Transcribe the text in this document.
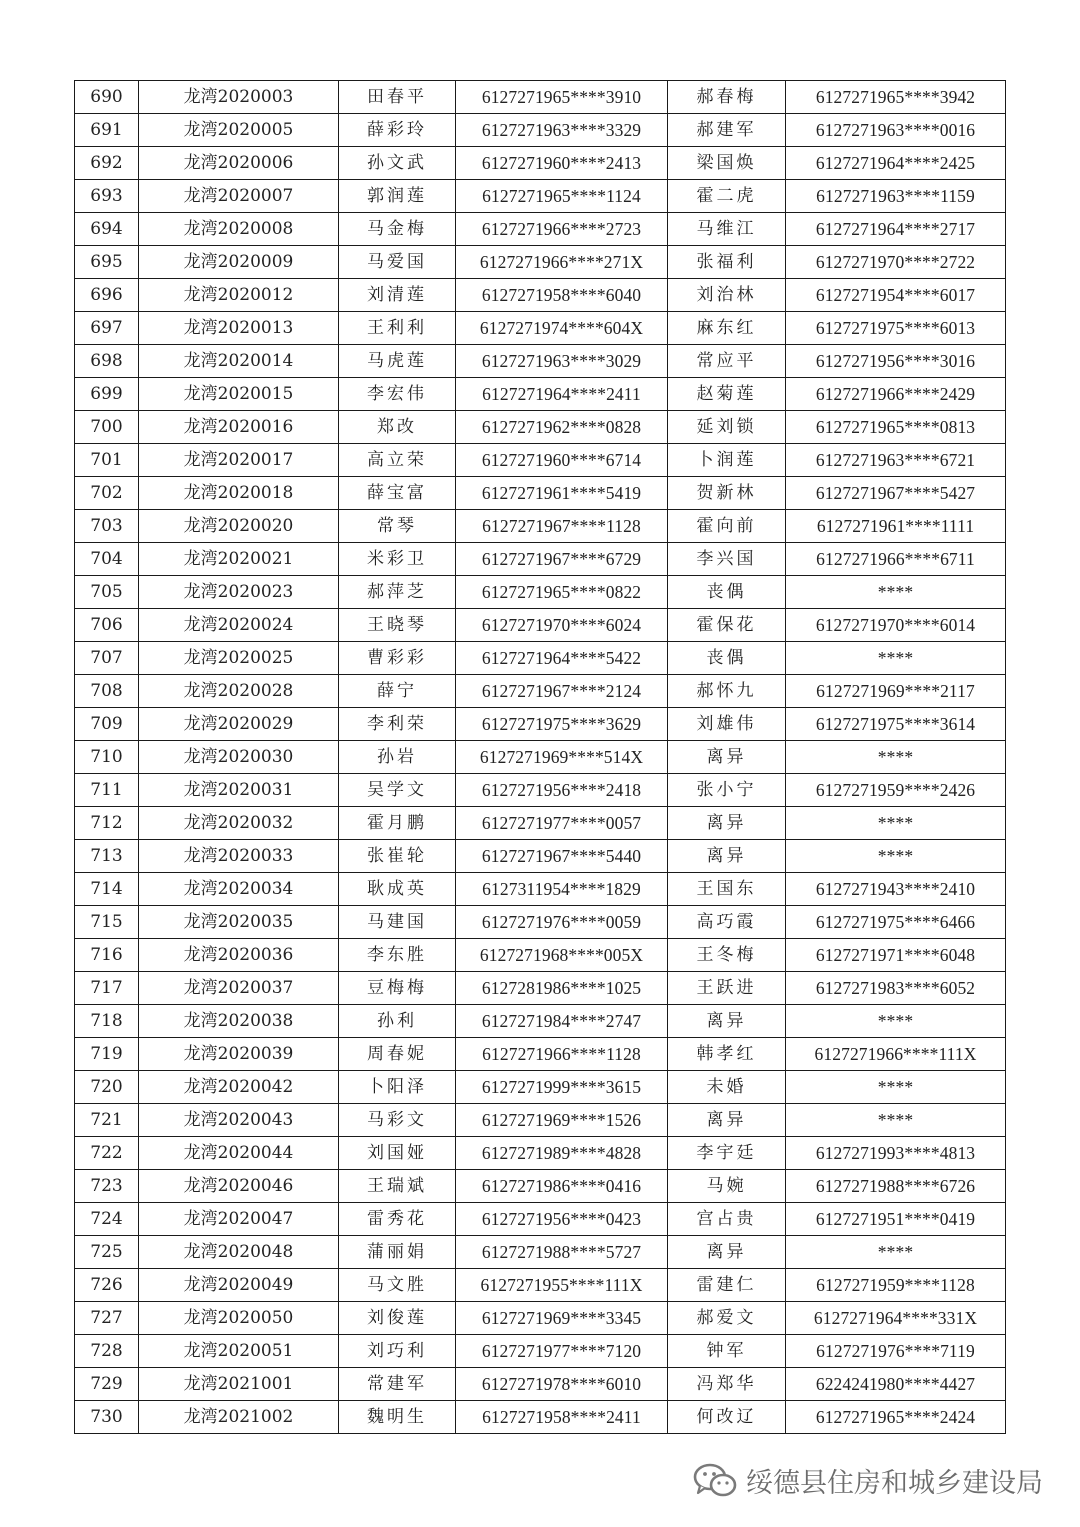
690	龙湾2020003	田春平	6127271965****3910	郝春梅	6127271965****3942
691	龙湾2020005	薛彩玲	6127271963****3329	郝建军	6127271963****0016
692	龙湾2020006	孙文武	6127271960****2413	梁国焕	6127271964****2425
693	龙湾2020007	郭润莲	6127271965****1124	霍二虎	6127271963****1159
694	龙湾2020008	马金梅	6127271966****2723	马维江	6127271964****2717
695	龙湾2020009	马爱国	6127271966****271X	张福利	6127271970****2722
696	龙湾2020012	刘清莲	6127271958****6040	刘治林	6127271954****6017
697	龙湾2020013	王利利	6127271974****604X	麻东红	6127271975****6013
698	龙湾2020014	马虎莲	6127271963****3029	常应平	6127271956****3016
699	龙湾2020015	李宏伟	6127271964****2411	赵菊莲	6127271966****2429
700	龙湾2020016	郑改	6127271962****0828	延刘锁	6127271965****0813
701	龙湾2020017	高立荣	6127271960****6714	卜润莲	6127271963****6721
702	龙湾2020018	薛宝富	6127271961****5419	贺新林	6127271967****5427
703	龙湾2020020	常琴	6127271967****1128	霍向前	6127271961****1111
704	龙湾2020021	米彩卫	6127271967****6729	李兴国	6127271966****6711
705	龙湾2020023	郝萍芝	6127271965****0822	丧偶	****
706	龙湾2020024	王晓琴	6127271970****6024	霍保花	6127271970****6014
707	龙湾2020025	曹彩彩	6127271964****5422	丧偶	****
708	龙湾2020028	薛宁	6127271967****2124	郝怀九	6127271969****2117
709	龙湾2020029	李利荣	6127271975****3629	刘雄伟	6127271975****3614
710	龙湾2020030	孙岩	6127271969****514X	离异	****
711	龙湾2020031	吴学文	6127271956****2418	张小宁	6127271959****2426
712	龙湾2020032	霍月鹏	6127271977****0057	离异	****
713	龙湾2020033	张崔轮	6127271967****5440	离异	****
714	龙湾2020034	耿成英	6127311954****1829	王国东	6127271943****2410
715	龙湾2020035	马建国	6127271976****0059	高巧霞	6127271975****6466
716	龙湾2020036	李东胜	6127271968****005X	王冬梅	6127271971****6048
717	龙湾2020037	豆梅梅	6127281986****1025	王跃进	6127271983****6052
718	龙湾2020038	孙利	6127271984****2747	离异	****
719	龙湾2020039	周春妮	6127271966****1128	韩孝红	6127271966****111X
720	龙湾2020042	卜阳泽	6127271999****3615	未婚	****
721	龙湾2020043	马彩文	6127271969****1526	离异	****
722	龙湾2020044	刘国娅	6127271989****4828	李宇廷	6127271993****4813
723	龙湾2020046	王瑞斌	6127271986****0416	马婉	6127271988****6726
724	龙湾2020047	雷秀花	6127271956****0423	宫占贵	6127271951****0419
725	龙湾2020048	蒲丽娟	6127271988****5727	离异	****
726	龙湾2020049	马文胜	6127271955****111X	雷建仁	6127271959****1128
727	龙湾2020050	刘俊莲	6127271969****3345	郝爱文	6127271964****331X
728	龙湾2020051	刘巧利	6127271977****7120	钟军	6127271976****7119
729	龙湾2021001	常建军	6127271978****6010	冯郑华	6224241980****4427
730	龙湾2021002	魏明生	6127271958****2411	何改辽	6127271965****2424
绥德县住房和城乡建设局
